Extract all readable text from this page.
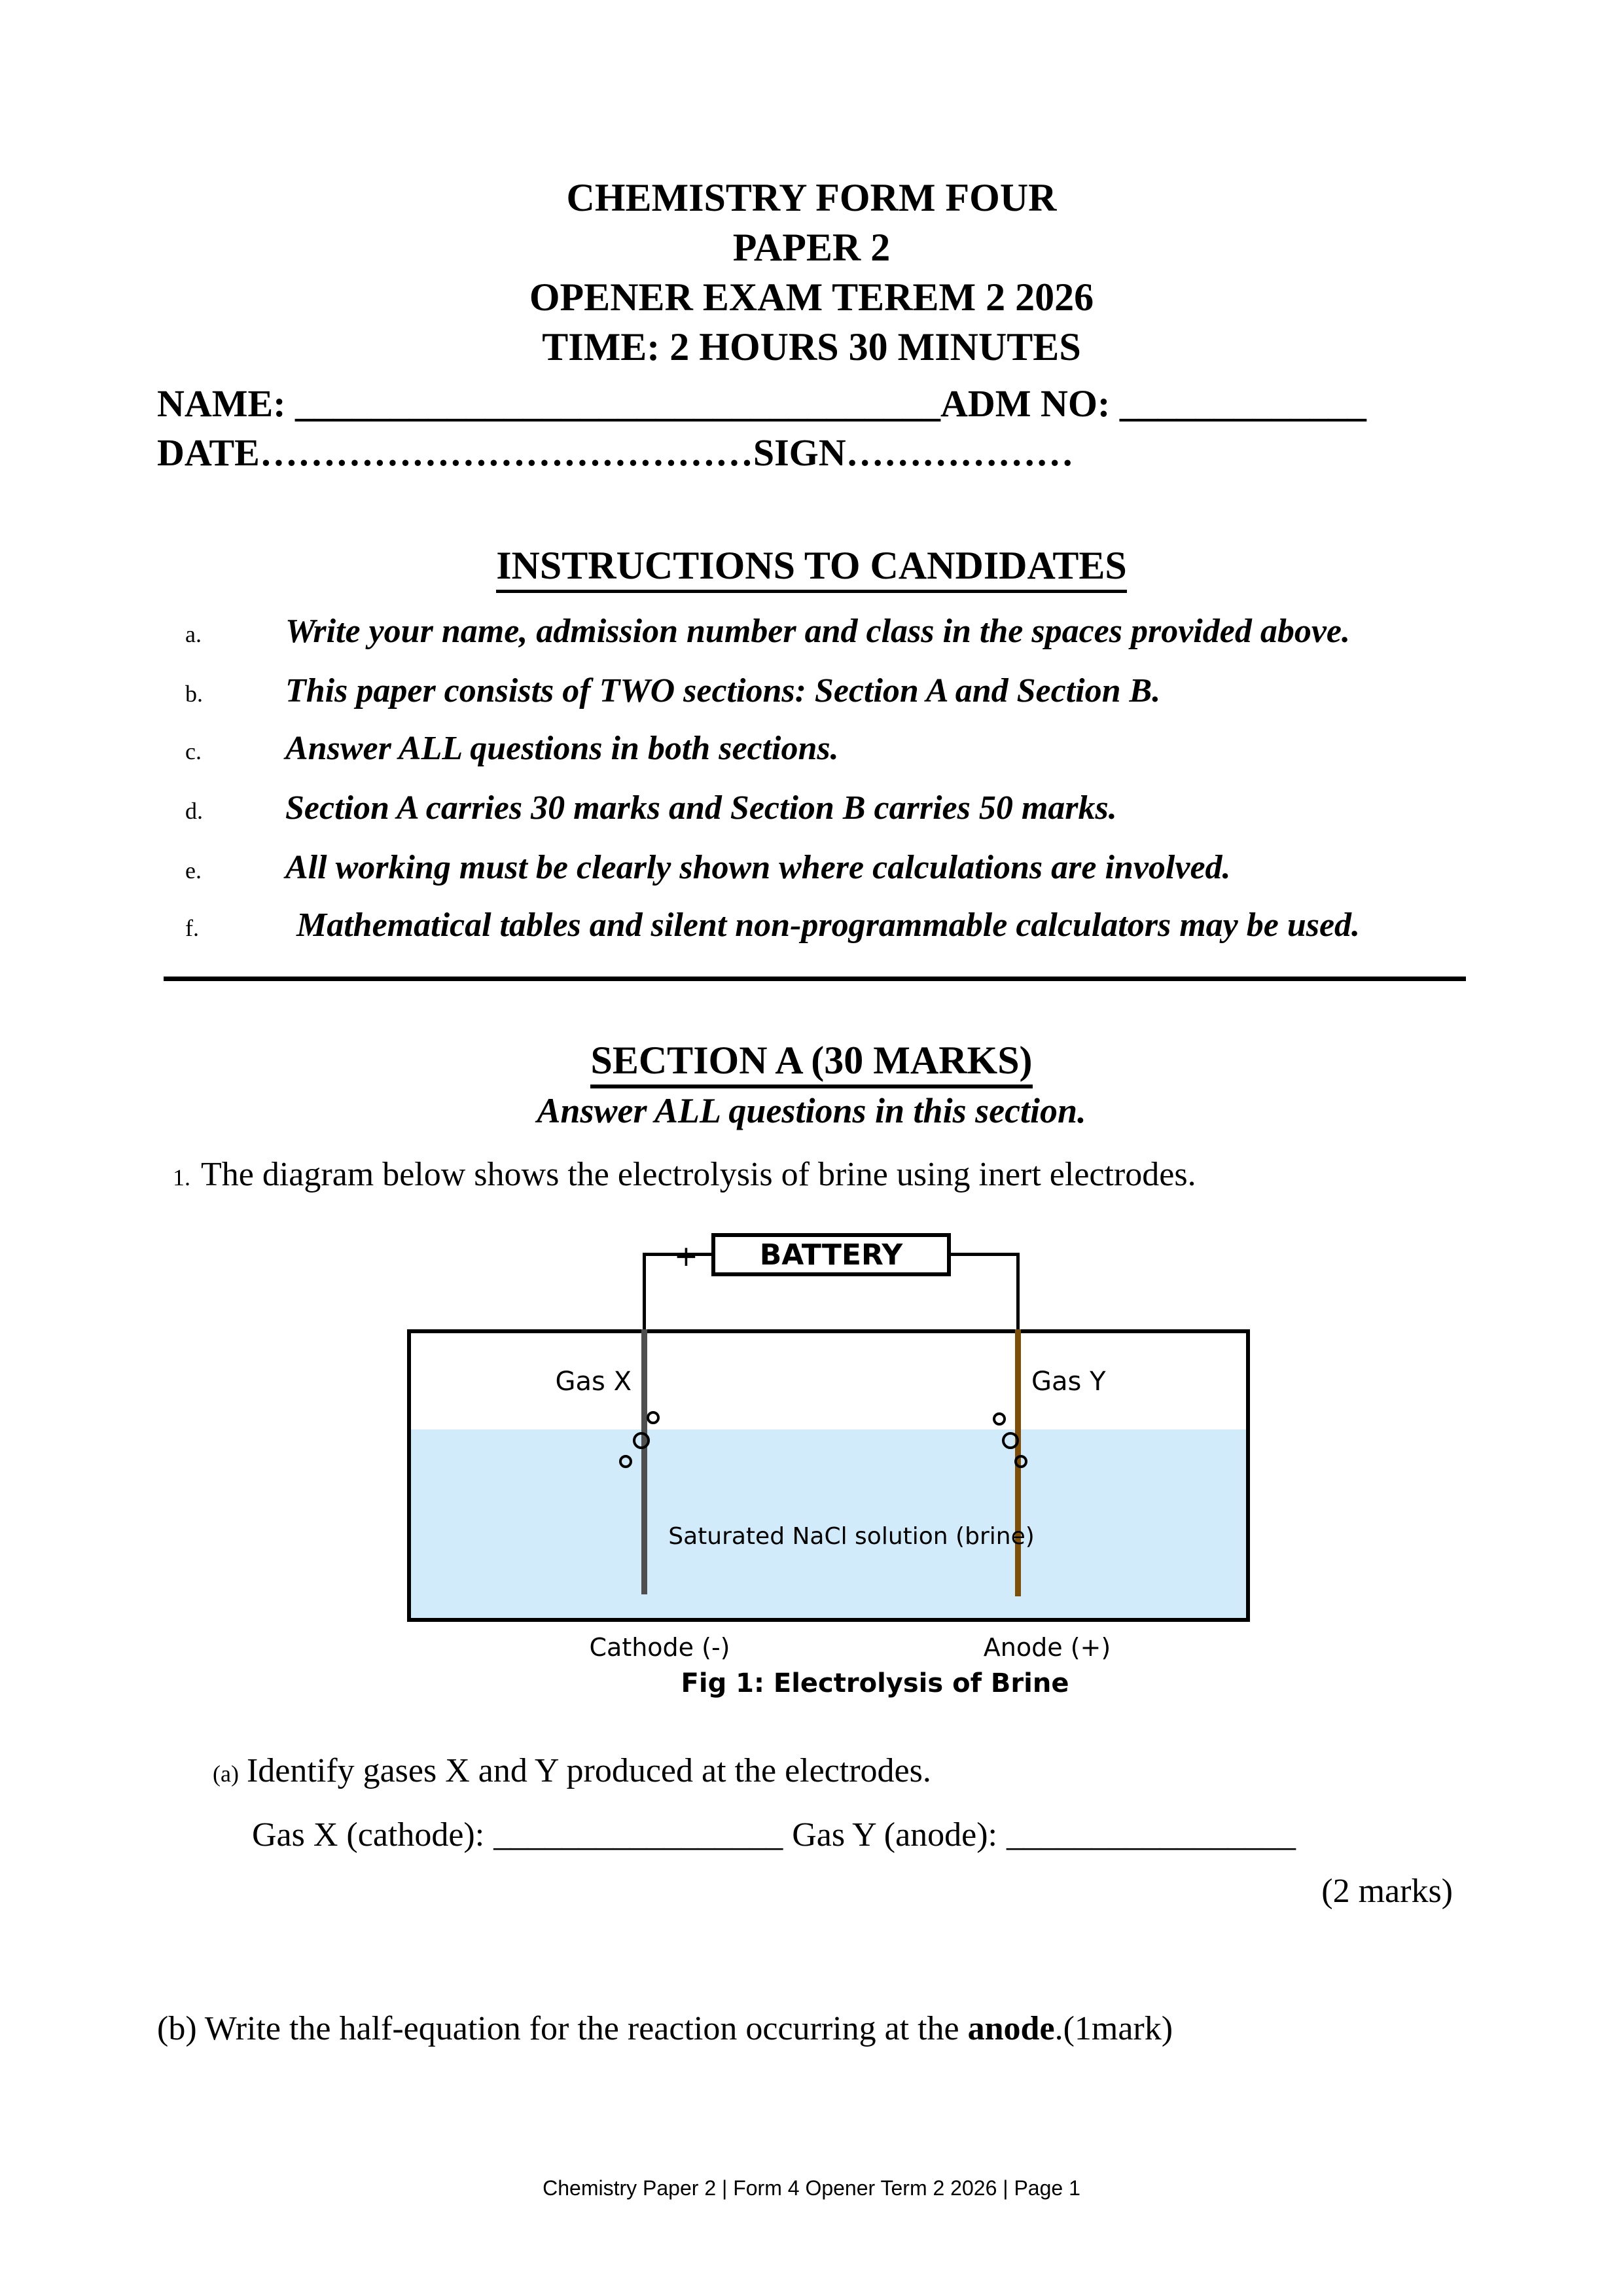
CHEMISTRY FORM FOUR
PAPER 2
OPENER EXAM TEREM 2 2026
TIME: 2 HOURS 30 MINUTES
NAME: __________________________________ADM NO: _____________
DATE…………………………………SIGN………………
INSTRUCTIONS TO CANDIDATES
a. Write your name, admission number and class in the spaces provided above.
b. This paper consists of TWO sections: Section A and Section B.
c. Answer ALL questions in both sections.
d. Section A carries 30 marks and Section B carries 50 marks.
e. All working must be clearly shown where calculations are involved.
f.	Mathematical tables and silent non-programmable calculators may be used.
SECTION A (30 MARKS)
Answer ALL questions in this section.
1. The diagram below shows the electrolysis of brine using inert electrodes.
BATTERY
+	-
Gas X	Gas Y
Saturated NaCl solution (brine)
Cathode (-)	Anode (+)
Fig 1: Electrolysis of Brine
(a) Identify gases X and Y produced at the electrodes.
Gas X (cathode): _________________ Gas Y (anode): _________________
(2 marks)
(b) Write the half-equation for the reaction occurring at the anode.(1mark)
Chemistry Paper 2 | Form 4 Opener Term 2 2026 | Page 1
